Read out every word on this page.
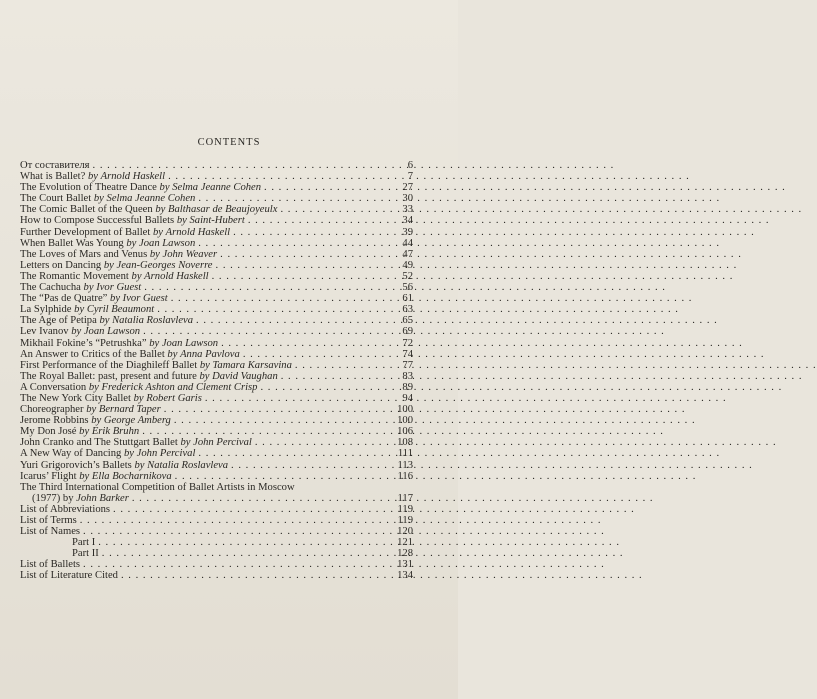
CONTENTS
От составителя . . .	6
What is Ballet? by Arnold Haskell . . .	7
The Evolution of Theatre Dance by Selma Jeanne Cohen . . .	27
The Court Ballet by Selma Jeanne Cohen . . .	30
The Comic Ballet of the Queen by Balthasar de Beaujoyeulx . . .	33
How to Compose Successful Ballets by Saint-Hubert . . .	34
Further Development of Ballet by Arnold Haskell . . .	39
When Ballet Was Young by Joan Lawson . . .	44
The Loves of Mars and Venus by John Weaver . . .	47
Letters on Dancing by Jean-Georges Noverre . . .	49
The Romantic Movement by Arnold Haskell . . .	52
The Cachucha by Ivor Guest . . .	56
The “Pas de Quatre” by Ivor Guest . . .	61
La Sylphide by Cyril Beaumont . . .	63
The Age of Petipa by Natalia Roslavleva . . .	65
Lev Ivanov by Joan Lawson . . .	69
Mikhail Fokine’s “Petrushka” by Joan Lawson . . .	72
An Answer to Critics of the Ballet by Anna Pavlova . . .	74
First Performance of the Diaghileff Ballet by Tamara Karsavina . . .	77
The Royal Ballet: past, present and future by David Vaughan . . .	83
A Conversation by Frederick Ashton and Clement Crisp . . .	89
The New York City Ballet by Robert Garis . . .	94
Choreographer by Bernard Taper . . .	100
Jerome Robbins by George Amberg . . .	100
My Don José by Erik Bruhn . . .	106
John Cranko and The Stuttgart Ballet by John Percival . . .	108
A New Way of Dancing by John Percival . . .	111
Yuri Grigorovich’s Ballets by Natalia Roslavleva . . .	113
Icarus’ Flight by Ella Bocharnikova . . .	116
The Third International Competition of Ballet Artists in Moscow
(1977) by John Barker . . .	117
List of Abbreviations . . .	119
List of Terms . . .	119
List of Names . . .	120
Part I . . .	121
Part II . . .	128
List of Ballets . . .	131
List of Literature Cited . . .	134
